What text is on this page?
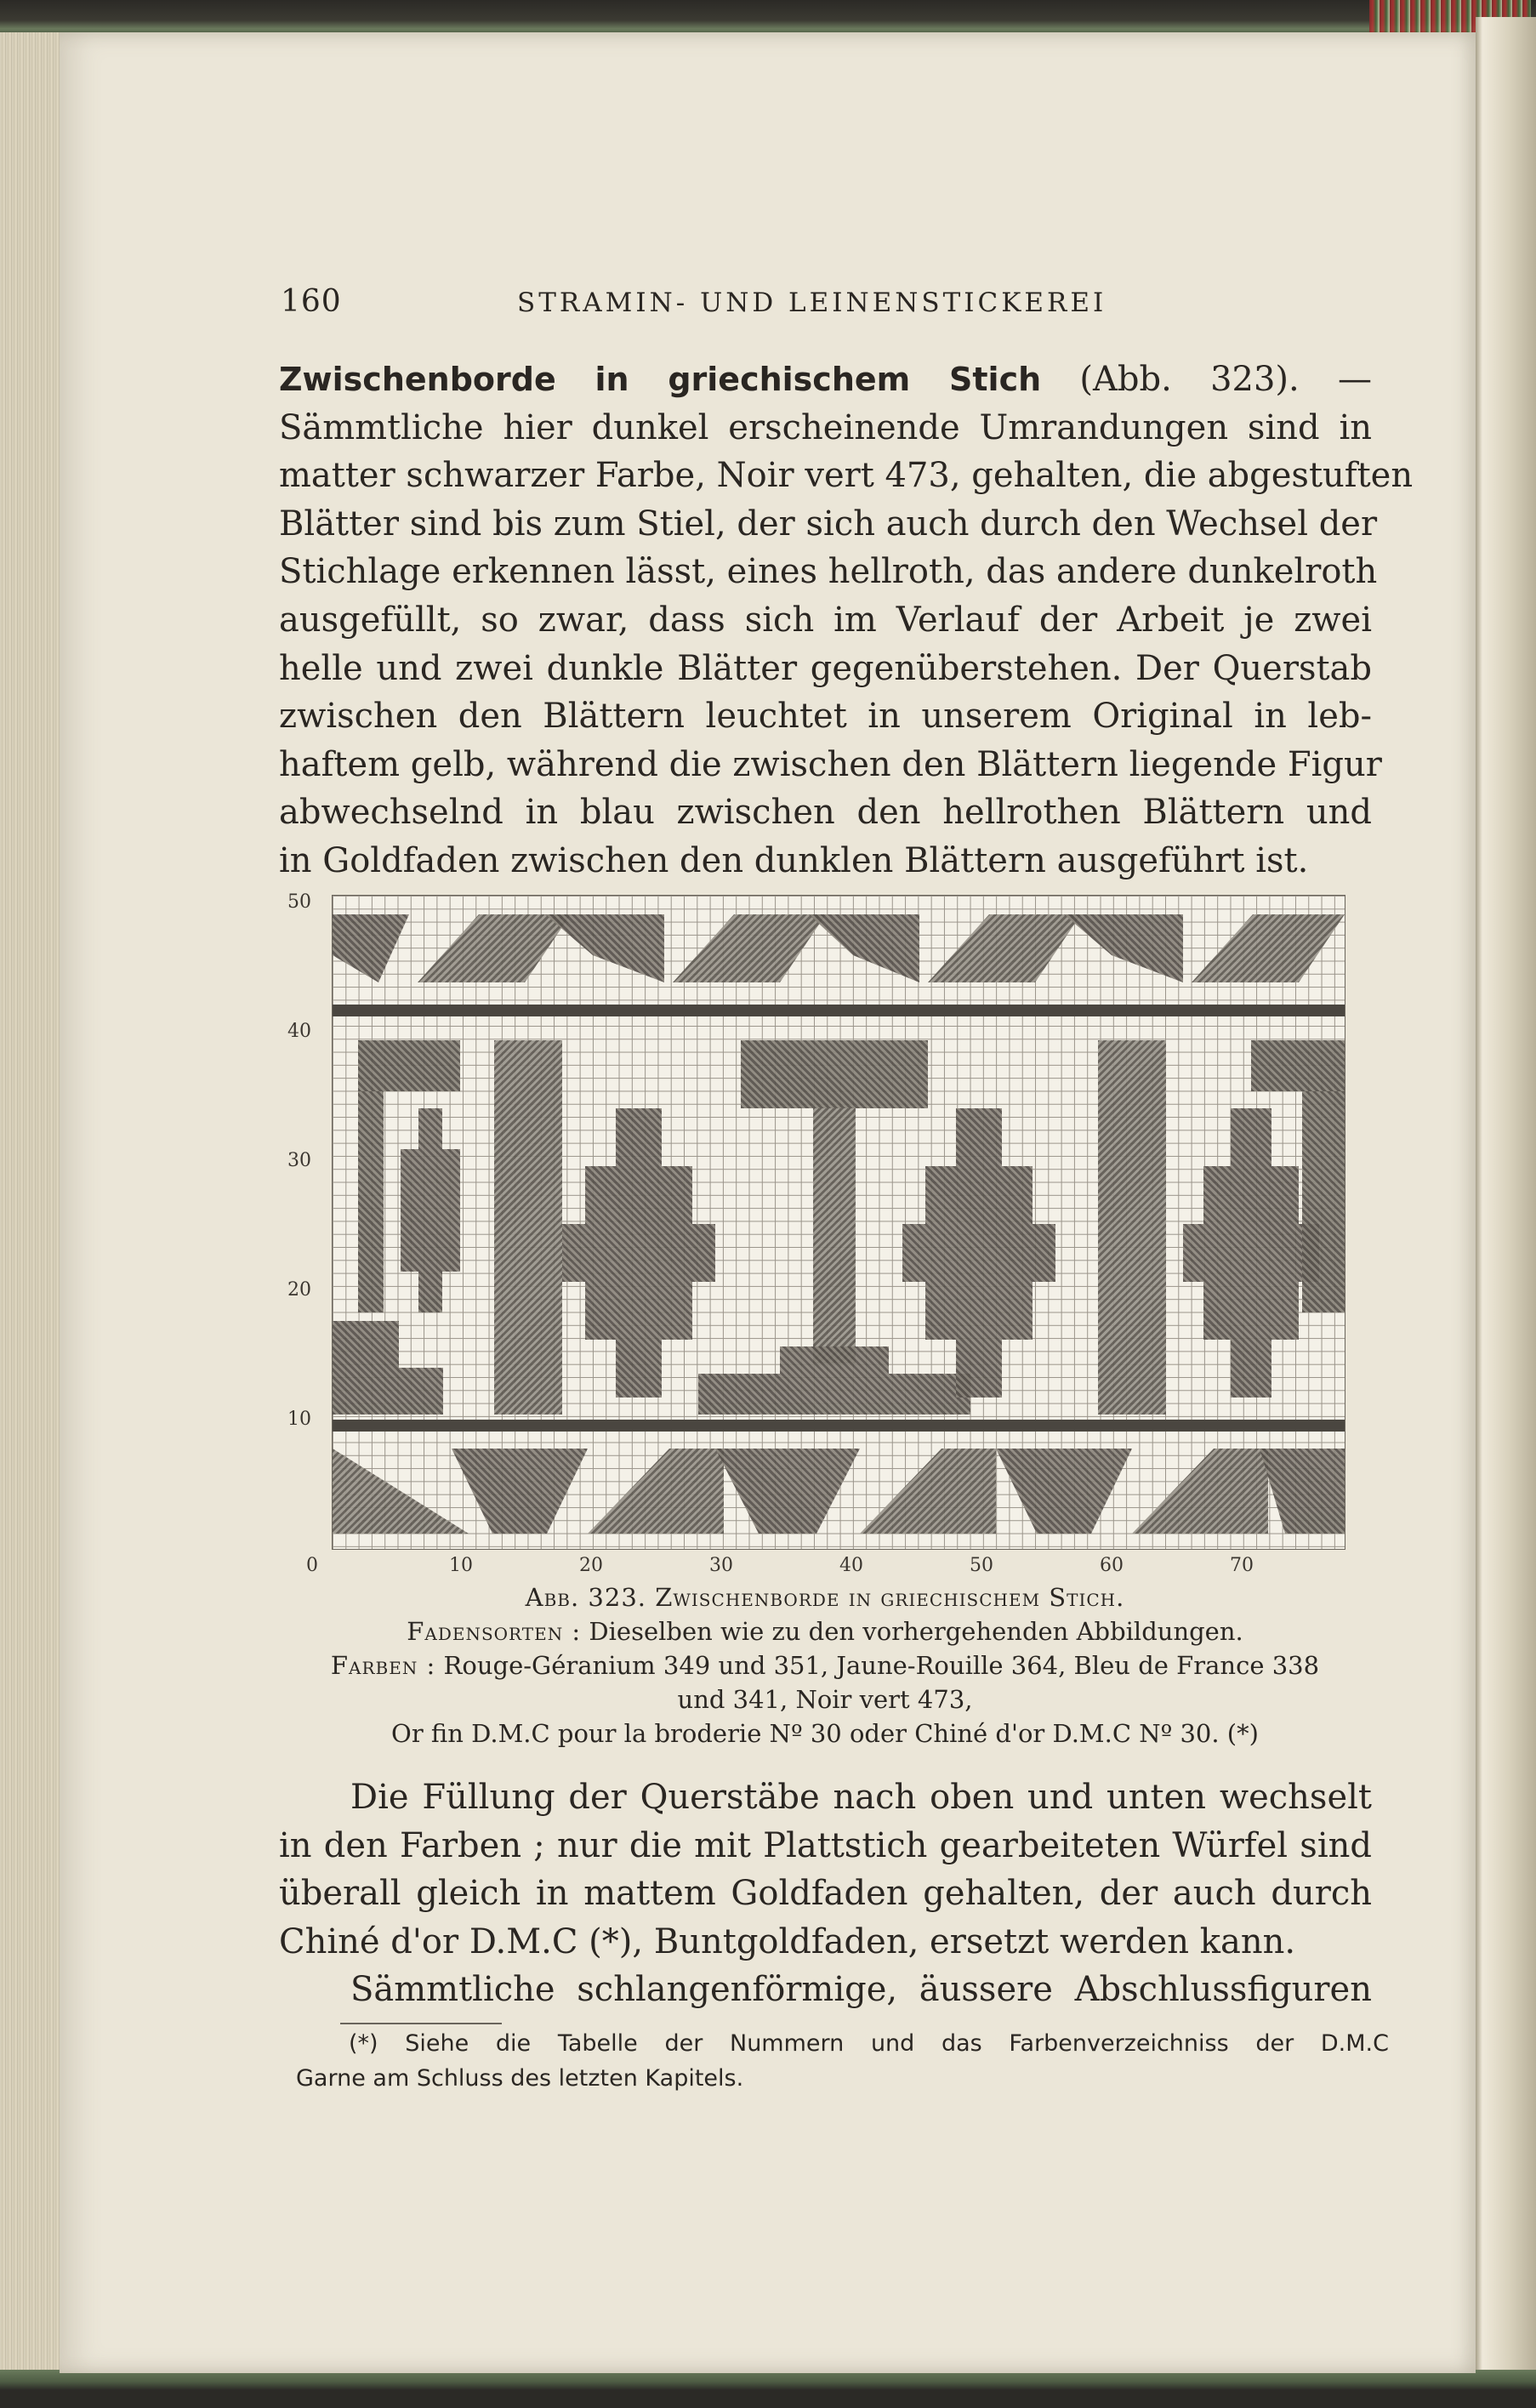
160	STRAMIN- UND LEINENSTICKEREI
Zwischenborde in griechischem Stich (Abb. 323). —
Sämmtliche hier dunkel erscheinende Umrandungen sind in
matter schwarzer Farbe, Noir vert 473, gehalten, die abgestuften
Blätter sind bis zum Stiel, der sich auch durch den Wechsel der
Stichlage erkennen lässt, eines hellroth, das andere dunkelroth
ausgefüllt, so zwar, dass sich im Verlauf der Arbeit je zwei
helle und zwei dunkle Blätter gegenüberstehen. Der Querstab
zwischen den Blättern leuchtet in unserem Original in leb-
haftem gelb, während die zwischen den Blättern liegende Figur
abwechselnd in blau zwischen den hellrothen Blättern und
in Goldfaden zwischen den dunklen Blättern ausgeführt ist.
50
40
30
20
10
0	10	20	30	40	50	60	70
Abb. 323. Zwischenborde in griechischem Stich.
Fadensorten : Dieselben wie zu den vorhergehenden Abbildungen.
Farben : Rouge-Géranium 349 und 351, Jaune-Rouille 364, Bleu de France 338
und 341, Noir vert 473,
Or fin D.M.C pour la broderie Nº 30 oder Chiné d'or D.M.C Nº 30. (*)
Die Füllung der Querstäbe nach oben und unten wechselt
in den Farben ; nur die mit Plattstich gearbeiteten Würfel sind
überall gleich in mattem Goldfaden gehalten, der auch durch
Chiné d'or D.M.C (*), Buntgoldfaden, ersetzt werden kann.
Sämmtliche schlangenförmige, äussere Abschlussfiguren
(*) Siehe die Tabelle der Nummern und das Farbenverzeichniss der D.M.C
Garne am Schluss des letzten Kapitels.
